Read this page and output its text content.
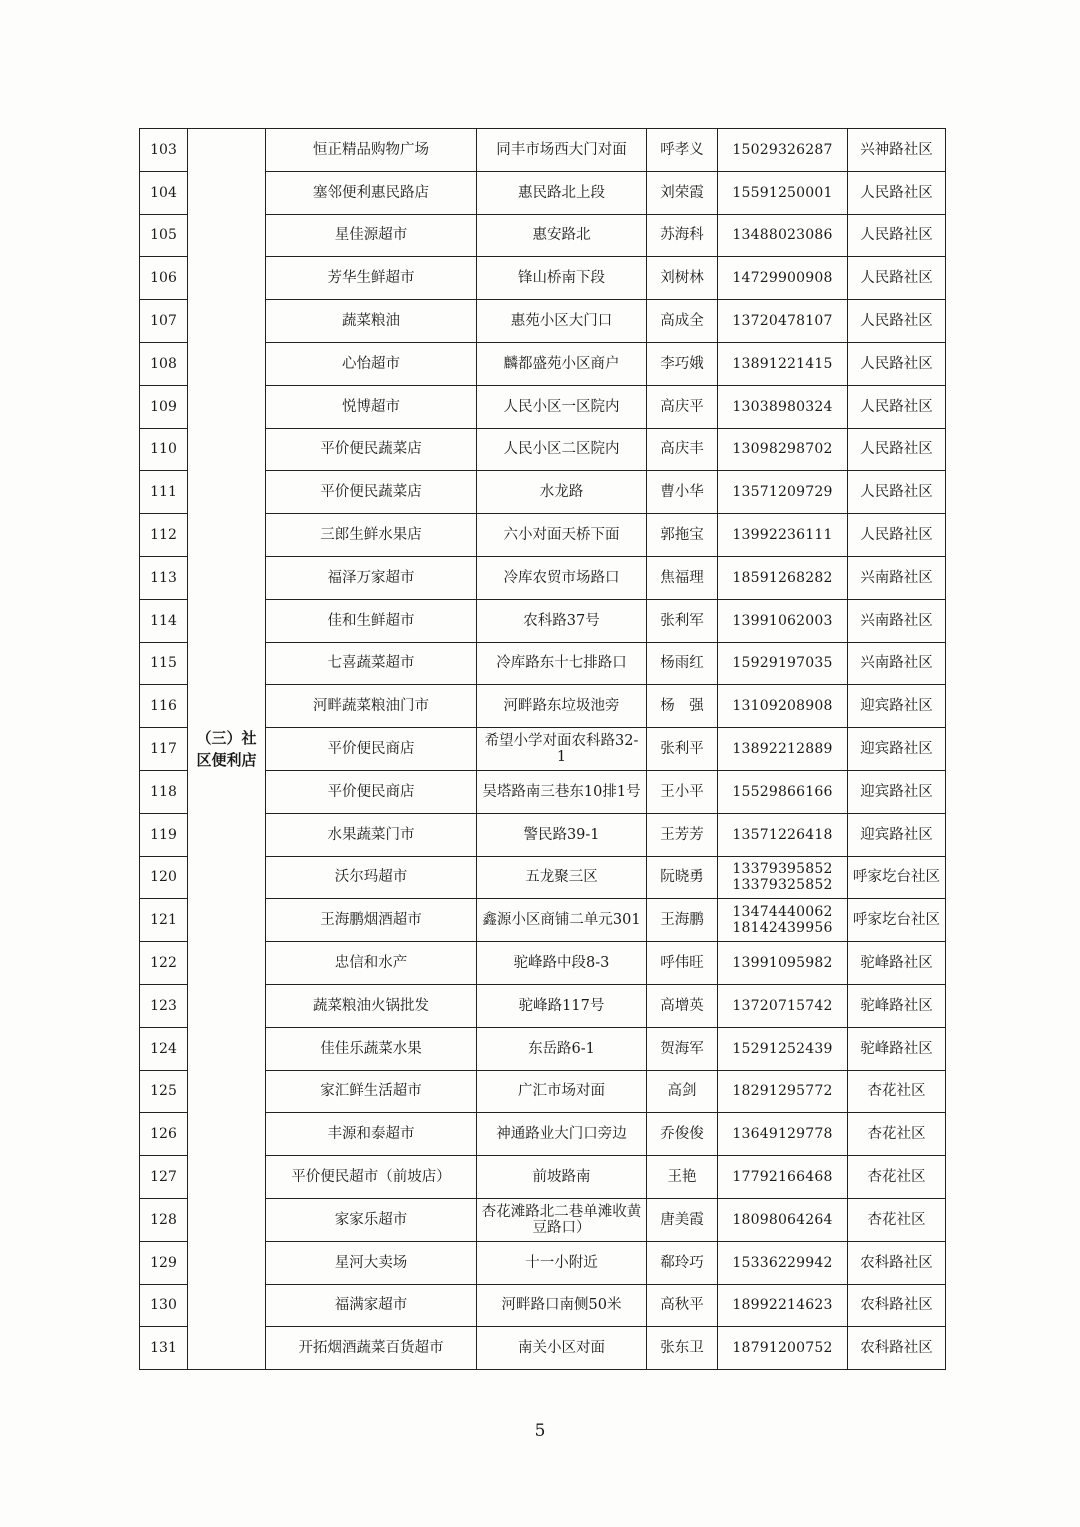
103	（三）社区便利店	恒正精品购物广场	同丰市场西大门对面	呼孝义	15029326287	兴神路社区
104		塞邻便利惠民路店	惠民路北上段	刘荣霞	15591250001	人民路社区
105		星佳源超市	惠安路北	苏海科	13488023086	人民路社区
106		芳华生鲜超市	锋山桥南下段	刘树林	14729900908	人民路社区
107		蔬菜粮油	惠苑小区大门口	高成全	13720478107	人民路社区
108		心怡超市	麟都盛苑小区商户	李巧娥	13891221415	人民路社区
109		悦博超市	人民小区一区院内	高庆平	13038980324	人民路社区
110		平价便民蔬菜店	人民小区二区院内	高庆丰	13098298702	人民路社区
111		平价便民蔬菜店	水龙路	曹小华	13571209729	人民路社区
112		三郎生鲜水果店	六小对面天桥下面	郭拖宝	13992236111	人民路社区
113		福泽万家超市	冷库农贸市场路口	焦福理	18591268282	兴南路社区
114		佳和生鲜超市	农科路37号	张利军	13991062003	兴南路社区
115		七喜蔬菜超市	冷库路东十七排路口	杨雨红	15929197035	兴南路社区
116		河畔蔬菜粮油门市	河畔路东垃圾池旁	杨　强	13109208908	迎宾路社区
117		平价便民商店	希望小学对面农科路32-1	张利平	13892212889	迎宾路社区
118		平价便民商店	吴塔路南三巷东10排1号	王小平	15529866166	迎宾路社区
119		水果蔬菜门市	警民路39-1	王芳芳	13571226418	迎宾路社区
120		沃尔玛超市	五龙聚三区	阮晓勇	13379395852 13379325852	呼家圪台社区
121		王海鹏烟酒超市	鑫源小区商铺二单元301	王海鹏	13474440062 18142439956	呼家圪台社区
122		忠信和水产	驼峰路中段8-3	呼伟旺	13991095982	驼峰路社区
123		蔬菜粮油火锅批发	驼峰路117号	高增英	13720715742	驼峰路社区
124		佳佳乐蔬菜水果	东岳路6-1	贺海军	15291252439	驼峰路社区
125		家汇鲜生活超市	广汇市场对面	高剑	18291295772	杏花社区
126		丰源和泰超市	神通路业大门口旁边	乔俊俊	13649129778	杏花社区
127		平价便民超市（前坡店）	前坡路南	王艳	17792166468	杏花社区
128		家家乐超市	杏花滩路北二巷单滩收黄豆路口）	唐美霞	18098064264	杏花社区
129		星河大卖场	十一小附近	郗玲巧	15336229942	农科路社区
130		福满家超市	河畔路口南侧50米	高秋平	18992214623	农科路社区
131		开拓烟酒蔬菜百货超市	南关小区对面	张东卫	18791200752	农科路社区
5
